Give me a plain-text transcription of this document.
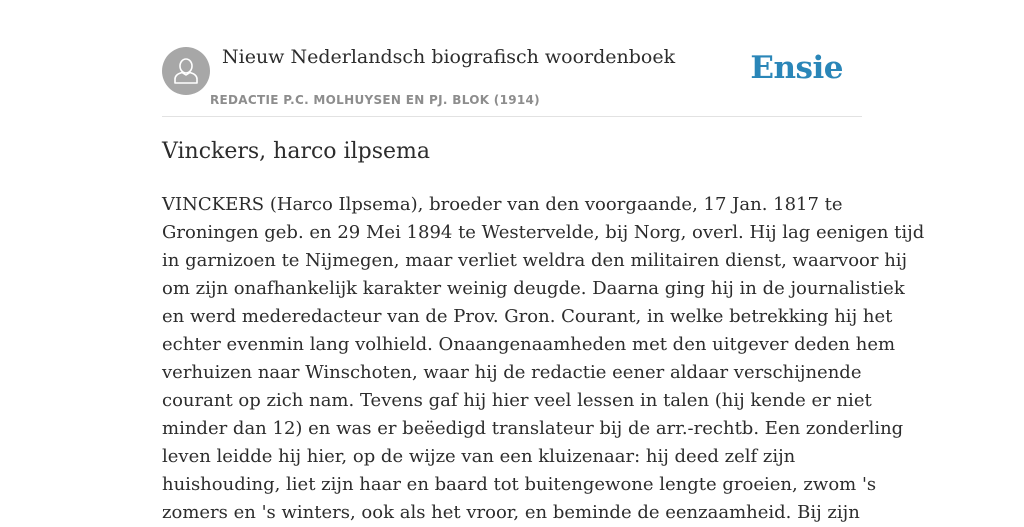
Nieuw Nederlandsch biografisch woordenboek
REDACTIE P.C. MOLHUYSEN EN PJ. BLOK (1914)
Ensie
Vinckers, harco ilpsema
VINCKERS (Harco Ilpsema), broeder van den voorgaande, 17 Jan. 1817 te
Groningen geb. en 29 Mei 1894 te Westervelde, bij Norg, overl. Hij lag eenigen tijd
in garnizoen te Nijmegen, maar verliet weldra den militairen dienst, waarvoor hij
om zijn onafhankelijk karakter weinig deugde. Daarna ging hij in de journalistiek
en werd mederedacteur van de Prov. Gron. Courant, in welke betrekking hij het
echter evenmin lang volhield. Onaangenaamheden met den uitgever deden hem
verhuizen naar Winschoten, waar hij de redactie eener aldaar verschijnende
courant op zich nam. Tevens gaf hij hier veel lessen in talen (hij kende er niet
minder dan 12) en was er beëedigd translateur bij de arr.-rechtb. Een zonderling
leven leidde hij hier, op de wijze van een kluizenaar: hij deed zelf zijn
huishouding, liet zijn haar en baard tot buitengewone lengte groeien, zwom 's
zomers en 's winters, ook als het vroor, en beminde de eenzaamheid. Bij zijn
